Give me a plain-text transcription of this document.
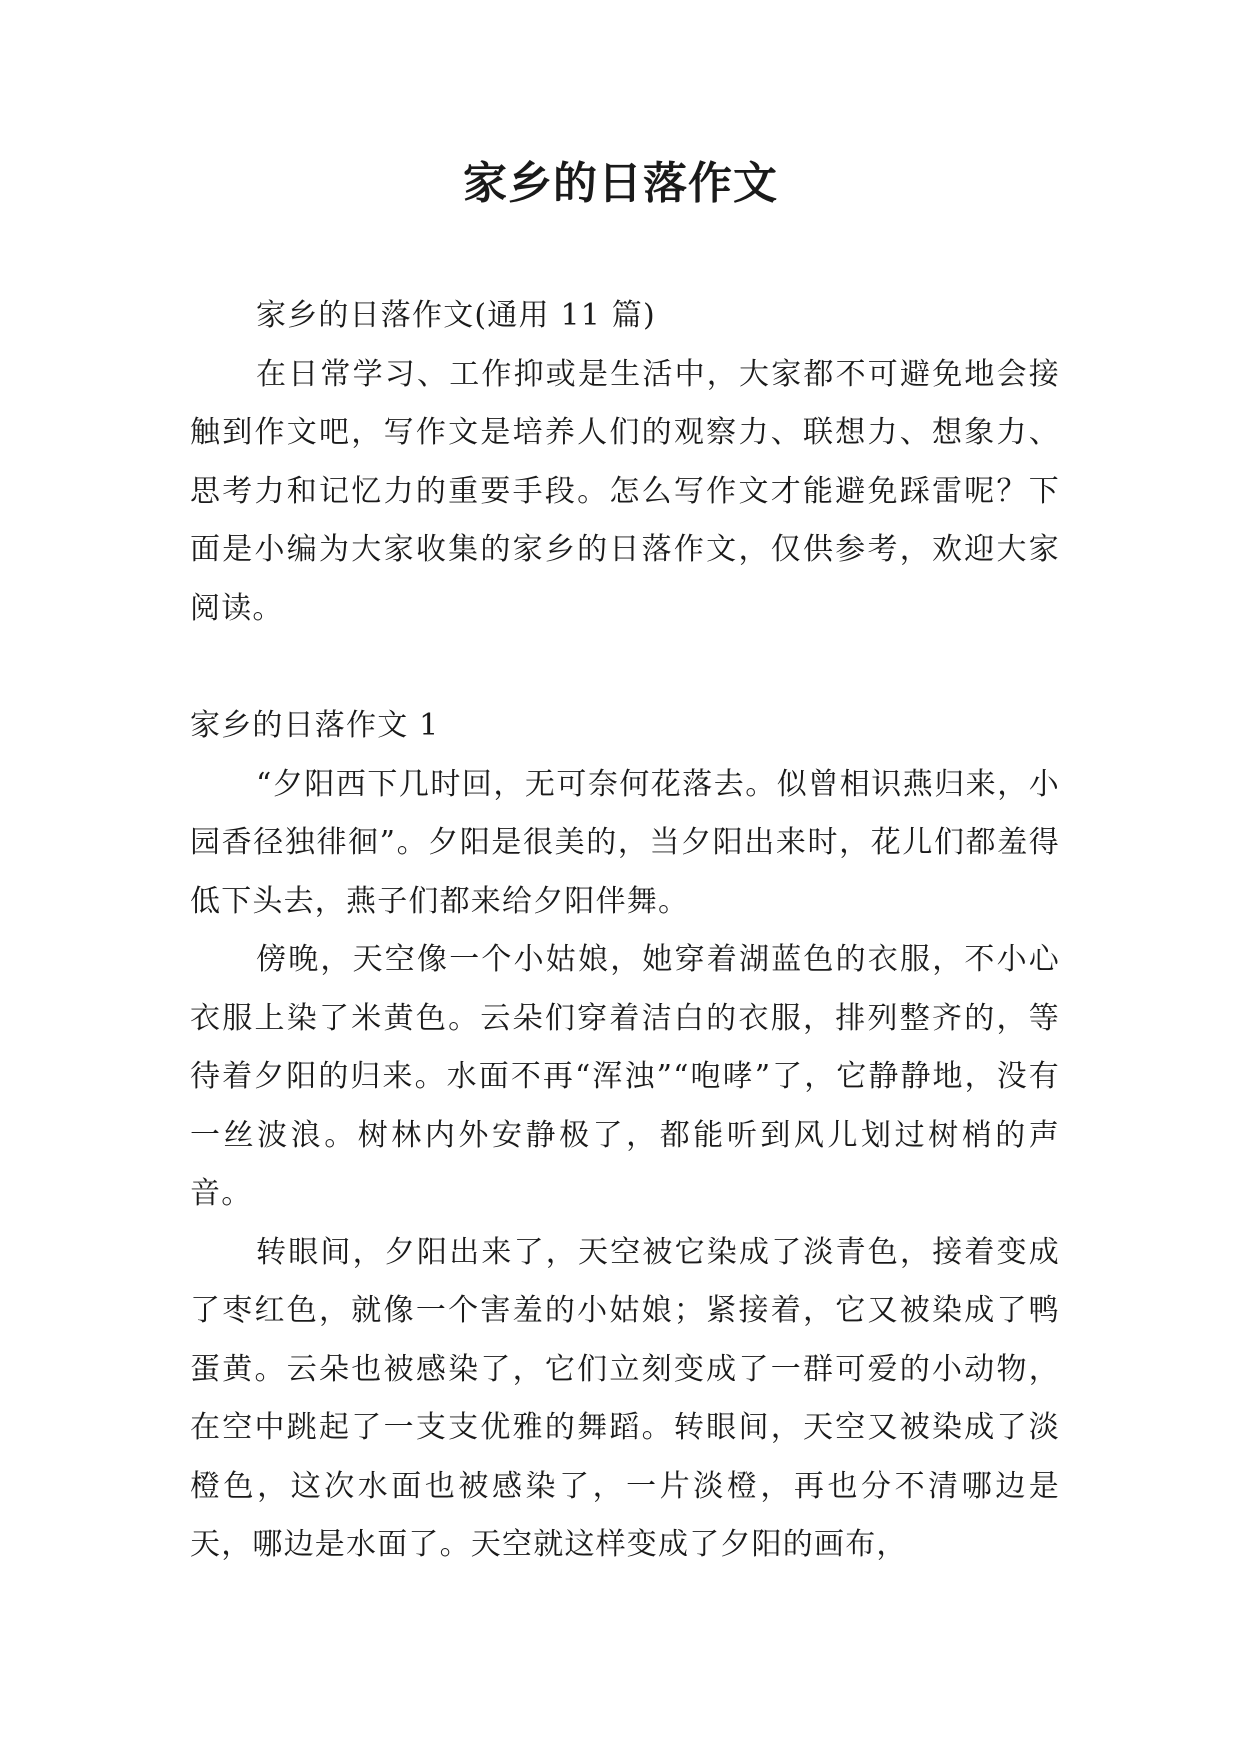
家乡的日落作文

家乡的日落作文(通用 11 篇)

在日常学习、工作抑或是生活中，大家都不可避免地会接触到作文吧，写作文是培养人们的观察力、联想力、想象力、思考力和记忆力的重要手段。怎么写作文才能避免踩雷呢？下面是小编为大家收集的家乡的日落作文，仅供参考，欢迎大家阅读。

家乡的日落作文 1

“夕阳西下几时回，无可奈何花落去。似曾相识燕归来，小园香径独徘徊”。夕阳是很美的，当夕阳出来时，花儿们都羞得低下头去，燕子们都来给夕阳伴舞。

傍晚，天空像一个小姑娘，她穿着湖蓝色的衣服，不小心衣服上染了米黄色。云朵们穿着洁白的衣服，排列整齐的，等待着夕阳的归来。水面不再“浑浊”“咆哮”了，它静静地，没有一丝波浪。树林内外安静极了，都能听到风儿划过树梢的声音。

转眼间，夕阳出来了，天空被它染成了淡青色，接着变成了枣红色，就像一个害羞的小姑娘；紧接着，它又被染成了鸭蛋黄。云朵也被感染了，它们立刻变成了一群可爱的小动物，在空中跳起了一支支优雅的舞蹈。转眼间，天空又被染成了淡橙色，这次水面也被感染了，一片淡橙，再也分不清哪边是天，哪边是水面了。天空就这样变成了夕阳的画布，
